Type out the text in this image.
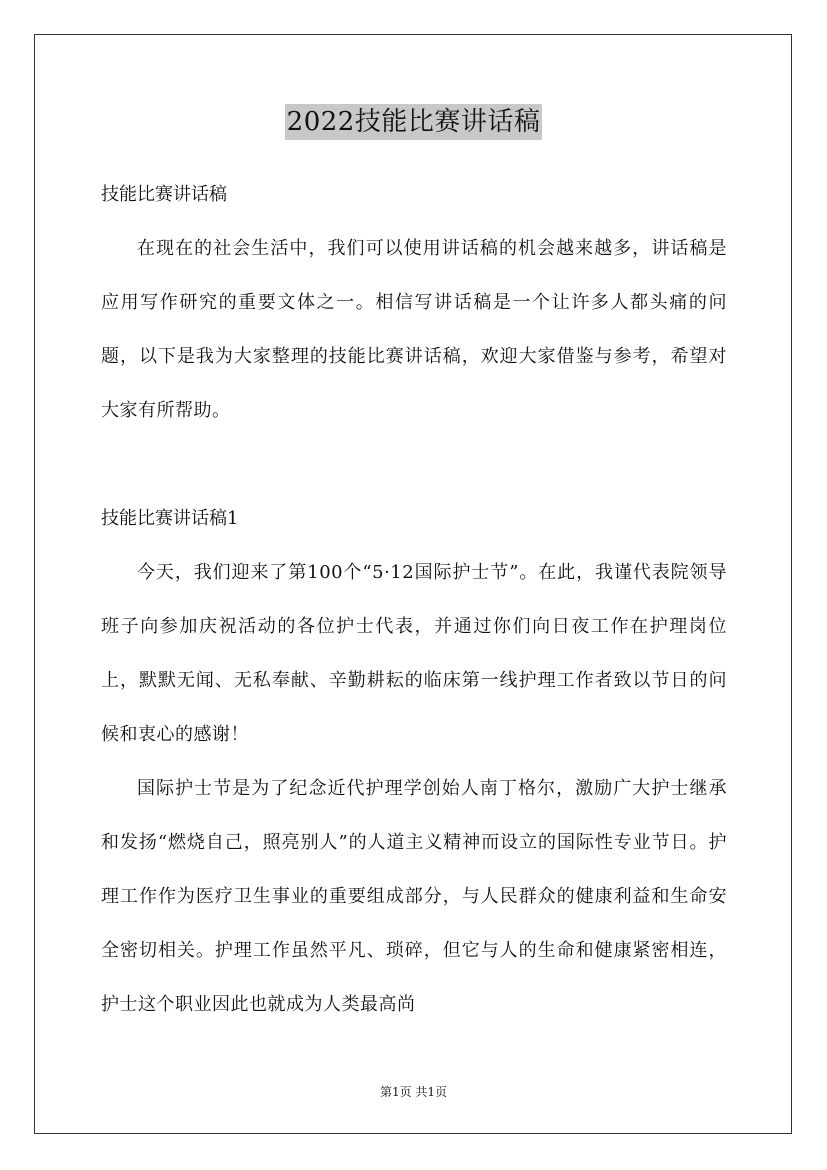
2022技能比赛讲话稿

技能比赛讲话稿

在现在的社会生活中，我们可以使用讲话稿的机会越来越多，讲话稿是应用写作研究的重要文体之一。相信写讲话稿是一个让许多人都头痛的问题，以下是我为大家整理的技能比赛讲话稿，欢迎大家借鉴与参考，希望对大家有所帮助。

技能比赛讲话稿1

今天，我们迎来了第100个“5·12国际护士节”。在此，我谨代表院领导班子向参加庆祝活动的各位护士代表，并通过你们向日夜工作在护理岗位上，默默无闻、无私奉献、辛勤耕耘的临床第一线护理工作者致以节日的问候和衷心的感谢！

国际护士节是为了纪念近代护理学创始人南丁格尔，激励广大护士继承和发扬“燃烧自己，照亮别人”的人道主义精神而设立的国际性专业节日。护理工作作为医疗卫生事业的重要组成部分，与人民群众的健康利益和生命安全密切相关。护理工作虽然平凡、琐碎，但它与人的生命和健康紧密相连，护士这个职业因此也就成为人类最高尚

第1页 共1页
